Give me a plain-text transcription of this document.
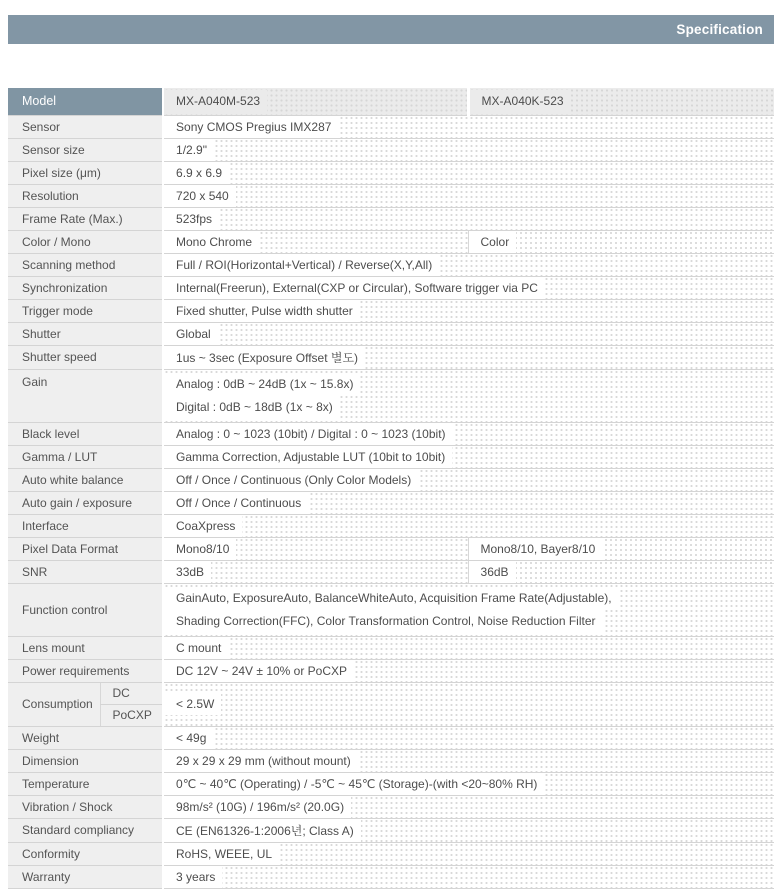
Specification
Model		MX-A040M-523	MX-A040K-523

Sensor		Sony CMOS Pregius IMX287	

Sensor size		1/2.9"	

Pixel size (μm)		6.9 x 6.9	

Resolution		720 x 540	

Frame Rate (Max.)		523fps	

Color / Mono		Mono Chrome	Color

Scanning method		Full / ROI(Horizontal+Vertical) / Reverse(X,Y,All)	

Synchronization		Internal(Freerun), External(CXP or Circular), Software trigger via PC	

Trigger mode		Fixed shutter, Pulse width shutter	

Shutter		Global	

Shutter speed		1us ~ 3sec (Exposure Offset 별도)	

Gain		Analog : 0dB ~ 24dB (1x ~ 15.8x)
Digital : 0dB ~ 18dB (1x ~ 8x)	

Black level		Analog : 0 ~ 1023 (10bit) / Digital : 0 ~ 1023 (10bit)	

Gamma / LUT		Gamma Correction, Adjustable LUT (10bit to 10bit)	

Auto white balance		Off / Once / Continuous (Only Color Models)	

Auto gain / exposure		Off / Once / Continuous	

Interface		CoaXpress	

Pixel Data Format		Mono8/10	Mono8/10, Bayer8/10

SNR		33dB	36dB

Function control		GainAuto, ExposureAuto, BalanceWhiteAuto, Acquisition Frame Rate(Adjustable),
Shading Correction(FFC), Color Transformation Control, Noise Reduction Filter	

Lens mount		C mount	

Power requirements		DC 12V ~ 24V ± 10% or PoCXP	

Consumption	DC	< 2.5W	

	PoCXP		
Weight		< 49g	

Dimension		29 x 29 x 29 mm (without mount)	

Temperature		0℃ ~ 40℃ (Operating) / -5℃ ~ 45℃ (Storage)-(with <20~80% RH)	

Vibration / Shock		98m/s² (10G) / 196m/s² (20.0G)	

Standard compliancy		CE (EN61326-1:2006년; Class A)	

Conformity		RoHS, WEEE, UL	

Warranty		3 years	
